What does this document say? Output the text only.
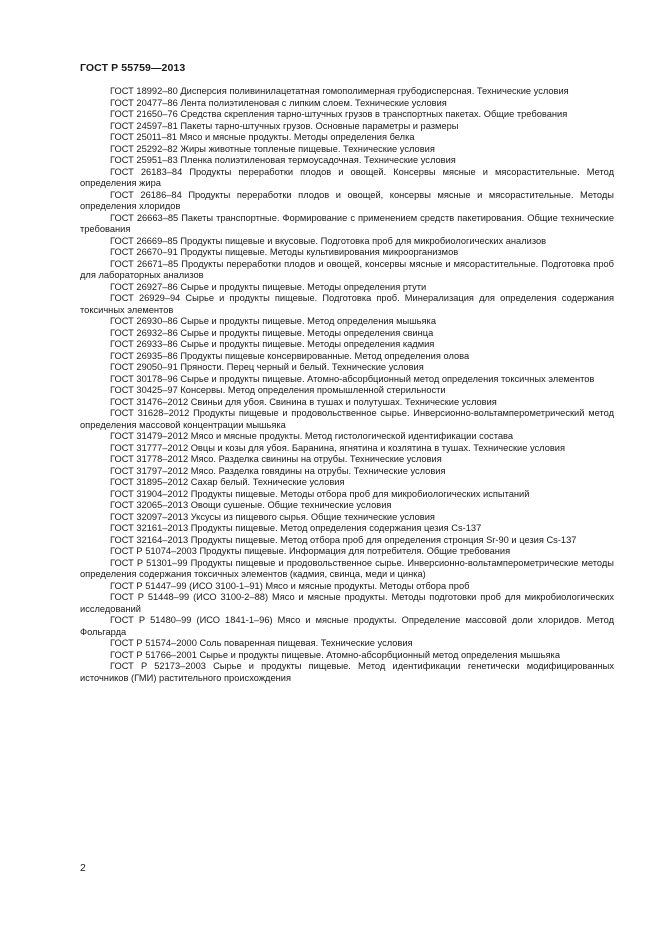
ГОСТ Р 55759—2013

ГОСТ 18992–80 Дисперсия поливинилацетатная гомополимерная грубодисперсная. Технические условия

ГОСТ 20477–86 Лента полиэтиленовая с липким слоем. Технические условия

ГОСТ 21650–76 Средства скрепления тарно-штучных грузов в транспортных пакетах. Общие требования

ГОСТ 24597–81 Пакеты тарно-штучных грузов. Основные параметры и размеры

ГОСТ 25011–81 Мясо и мясные продукты. Методы определения белка

ГОСТ 25292–82 Жиры животные топленые пищевые. Технические условия

ГОСТ 25951–83 Пленка полиэтиленовая термоусадочная. Технические условия

ГОСТ 26183–84 Продукты переработки плодов и овощей. Консервы мясные и мясорастительные. Метод определения жира

ГОСТ 26186–84 Продукты переработки плодов и овощей, консервы мясные и мясорастительные. Методы определения хлоридов

ГОСТ 26663–85 Пакеты транспортные. Формирование с применением средств пакетирования. Общие технические требования

ГОСТ 26669–85 Продукты пищевые и вкусовые. Подготовка проб для микробиологических анализов

ГОСТ 26670–91 Продукты пищевые. Методы культивирования микроорганизмов

ГОСТ 26671–85 Продукты переработки плодов и овощей, консервы мясные и мясорастительные. Подготовка проб для лабораторных анализов

ГОСТ 26927–86 Сырье и продукты пищевые. Методы определения ртути

ГОСТ 26929–94 Сырье и продукты пищевые. Подготовка проб. Минерализация для определения содержания токсичных элементов

ГОСТ 26930–86 Сырье и продукты пищевые. Метод определения мышьяка

ГОСТ 26932–86 Сырье и продукты пищевые. Методы определения свинца

ГОСТ 26933–86 Сырье и продукты пищевые. Методы определения кадмия

ГОСТ 26935–86 Продукты пищевые консервированные. Метод определения олова

ГОСТ 29050–91 Пряности. Перец черный и белый. Технические условия

ГОСТ 30178–96 Сырье и продукты пищевые. Атомно-абсорбционный метод определения токсичных элементов

ГОСТ 30425–97 Консервы. Метод определения промышленной стерильности

ГОСТ 31476–2012 Свиньи для убоя. Свинина в тушах и полутушах. Технические условия

ГОСТ 31628–2012 Продукты пищевые и продовольственное сырье. Инверсионно-вольтамперометрический метод определения массовой концентрации мышьяка

ГОСТ 31479–2012 Мясо и мясные продукты. Метод гистологической идентификации состава

ГОСТ 31777–2012 Овцы и козы для убоя. Баранина, ягнятина и козлятина в тушах. Технические условия

ГОСТ 31778–2012 Мясо. Разделка свинины на отрубы. Технические условия

ГОСТ 31797–2012 Мясо. Разделка говядины на отрубы. Технические условия

ГОСТ 31895–2012 Сахар белый. Технические условия

ГОСТ 31904–2012 Продукты пищевые. Методы отбора проб для микробиологических испытаний

ГОСТ 32065–2013 Овощи сушеные. Общие технические условия

ГОСТ 32097–2013 Уксусы из пищевого сырья. Общие технические условия

ГОСТ 32161–2013 Продукты пищевые. Метод определения содержания цезия Cs-137

ГОСТ 32164–2013 Продукты пищевые. Метод отбора проб для определения стронция Sr-90 и цезия Cs-137

ГОСТ Р 51074–2003 Продукты пищевые. Информация для потребителя. Общие требования

ГОСТ Р 51301–99 Продукты пищевые и продовольственное сырье. Инверсионно-вольтамперометрические методы определения содержания токсичных элементов (кадмия, свинца, меди и цинка)

ГОСТ Р 51447–99 (ИСО 3100-1–91) Мясо и мясные продукты. Методы отбора проб

ГОСТ Р 51448–99 (ИСО 3100-2–88) Мясо и мясные продукты. Методы подготовки проб для микробиологических исследований

ГОСТ Р 51480–99 (ИСО 1841-1–96) Мясо и мясные продукты. Определение массовой доли хлоридов. Метод Фольгарда

ГОСТ Р 51574–2000 Соль поваренная пищевая. Технические условия

ГОСТ Р 51766–2001 Сырье и продукты пищевые. Атомно-абсорбционный метод определения мышьяка

ГОСТ Р 52173–2003 Сырье и продукты пищевые. Метод идентификации генетически модифицированных источников (ГМИ) растительного происхождения

2
